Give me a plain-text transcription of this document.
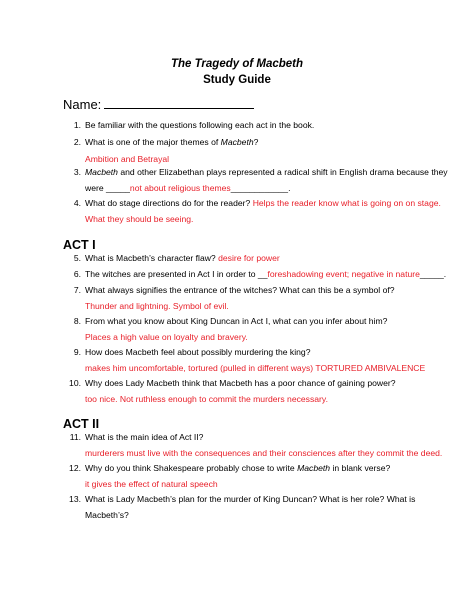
The Tragedy of Macbeth
Study Guide
Name:
1. Be familiar with the questions following each act in the book.
2. What is one of the major themes of Macbeth?
Ambition and Betrayal
3. Macbeth and other Elizabethan plays represented a radical shift in English drama because they
were _____not about religious themes____________.
4. What do stage directions do for the reader? Helps the reader know what is going on on stage.
What they should be seeing.
ACT I
5. What is Macbeth’s character flaw? desire for power
6. The witches are presented in Act I in order to __foreshadowing event; negative in nature_____.
7. What always signifies the entrance of the witches? What can this be a symbol of?
Thunder and lightning. Symbol of evil.
8. From what you know about King Duncan in Act I, what can you infer about him?
Places a high value on loyalty and bravery.
9. How does Macbeth feel about possibly murdering the king?
makes him uncomfortable, tortured (pulled in different ways) TORTURED AMBIVALENCE
10. Why does Lady Macbeth think that Macbeth has a poor chance of gaining power?
too nice. Not ruthless enough to commit the murders necessary.
ACT II
11. What is the main idea of Act II?
murderers must live with the consequences and their consciences after they commit the deed.
12. Why do you think Shakespeare probably chose to write Macbeth in blank verse?
it gives the effect of natural speech
13. What is Lady Macbeth’s plan for the murder of King Duncan? What is her role? What is
Macbeth’s?
